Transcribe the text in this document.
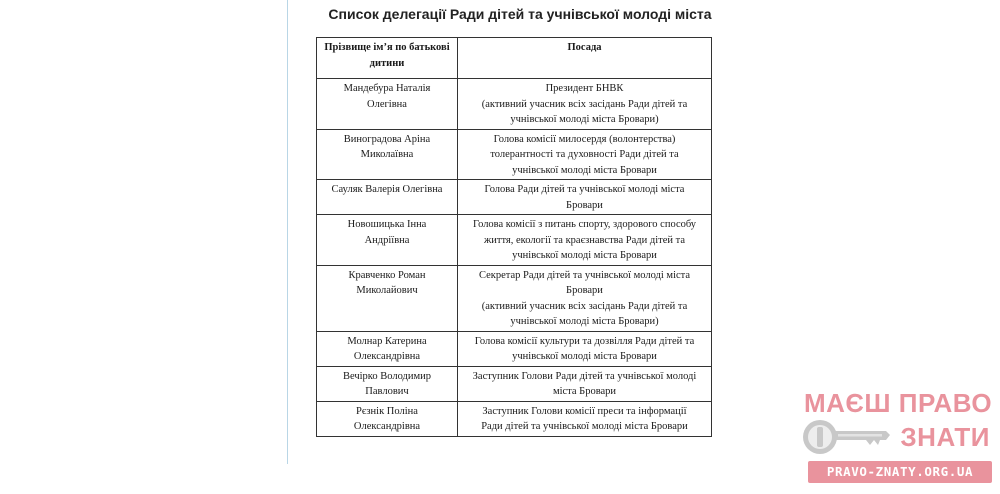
Список делегації Ради дітей та учнівської молоді міста
Прізвище ім’я по батькові дитини	Посада

Мандебура Наталія
Олегівна	Президент БНВК
(активний учасник всіх засідань Ради дітей та
учнівської молоді міста Бровари)

Виноградова Аріна
Миколаївна	Голова комісії милосердя (волонтерства)
толерантності та духовності Ради дітей та
учнівської молоді міста Бровари

Сауляк Валерія Олегівна	Голова Ради дітей та учнівської молоді міста
Бровари

Новошицька Інна
Андріївна	Голова комісії з питань спорту, здорового способу
життя, екології та краєзнавства Ради дітей та
учнівської молоді міста Бровари

Кравченко Роман
Миколайович	Секретар Ради дітей та учнівської молоді міста
Бровари
(активний учасник всіх засідань Ради дітей та
учнівської молоді міста Бровари)

Молнар Катерина
Олександрівна	Голова комісії культури та дозвілля Ради дітей та
учнівської молоді міста Бровари

Вечірко Володимир
Павлович	Заступник Голови Ради дітей та учнівської молоді
міста Бровари

Рєзнік Поліна
Олександрівна	Заступник Голови комісії преси та інформації
Ради дітей та учнівської молоді міста Бровари
МАЄШ ПРАВО
ЗНАТИ
PRAVO-ZNATY.ORG.UA
